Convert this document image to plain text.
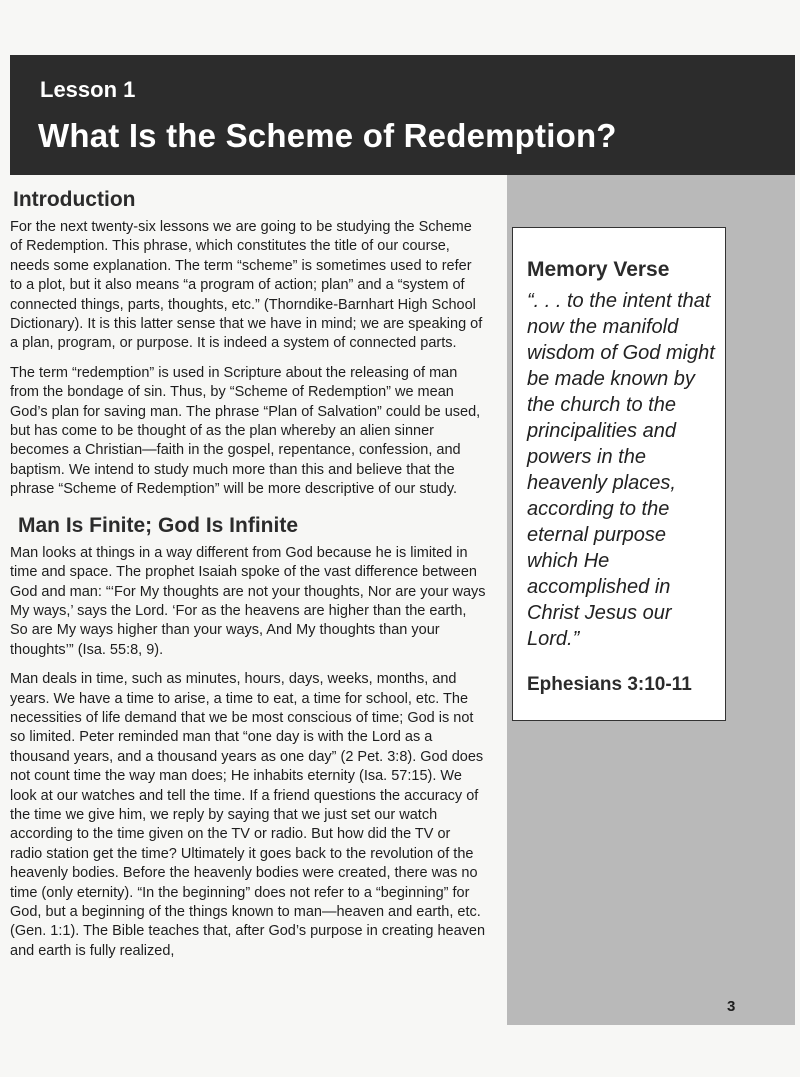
Lesson 1
What Is the Scheme of Redemption?
Memory Verse

“. . . to the intent that now the manifold wisdom of God might be made known by the church to the principalities and powers in the heavenly places, according to the eternal purpose which He accomplished in Christ Jesus our Lord.”

Ephesians 3:10-11
Introduction

For the next twenty-six lessons we are going to be studying the Scheme of Redemption. This phrase, which constitutes the title of our course, needs some explanation. The term “scheme” is sometimes used to refer to a plot, but it also means “a program of action; plan” and a “system of connected things, parts, thoughts, etc.” (Thorndike-Barnhart High School Dictionary). It is this latter sense that we have in mind; we are speaking of a plan, program, or purpose. It is indeed a system of connected parts.

The term “redemption” is used in Scripture about the releasing of man from the bondage of sin. Thus, by “Scheme of Redemption” we mean God’s plan for saving man. The phrase “Plan of Salvation” could be used, but has come to be thought of as the plan whereby an alien sinner becomes a Christian—faith in the gospel, repentance, confession, and baptism. We intend to study much more than this and believe that the phrase “Scheme of Redemption” will be more descriptive of our study.

Man Is Finite; God Is Infinite

Man looks at things in a way different from God because he is limited in time and space. The prophet Isaiah spoke of the vast difference between God and man: “‘For My thoughts are not your thoughts, Nor are your ways My ways,’ says the Lord. ‘For as the heavens are higher than the earth, So are My ways higher than your ways, And My thoughts than your thoughts’” (Isa. 55:8, 9).

Man deals in time, such as minutes, hours, days, weeks, months, and years. We have a time to arise, a time to eat, a time for school, etc. The necessities of life demand that we be most conscious of time; God is not so limited. Peter reminded man that “one day is with the Lord as a thousand years, and a thousand years as one day” (2 Pet. 3:8). God does not count time the way man does; He inhabits eternity (Isa. 57:15). We look at our watches and tell the time. If a friend questions the accuracy of the time we give him, we reply by saying that we just set our watch according to the time given on the TV or radio. But how did the TV or radio station get the time? Ultimately it goes back to the revolution of the heavenly bodies. Before the heavenly bodies were created, there was no time (only eternity). “In the beginning” does not refer to a “beginning” for God, but a beginning of the things known to man—heaven and earth, etc. (Gen. 1:1). The Bible teaches that, after God’s purpose in creating heaven and earth is fully realized,

3
